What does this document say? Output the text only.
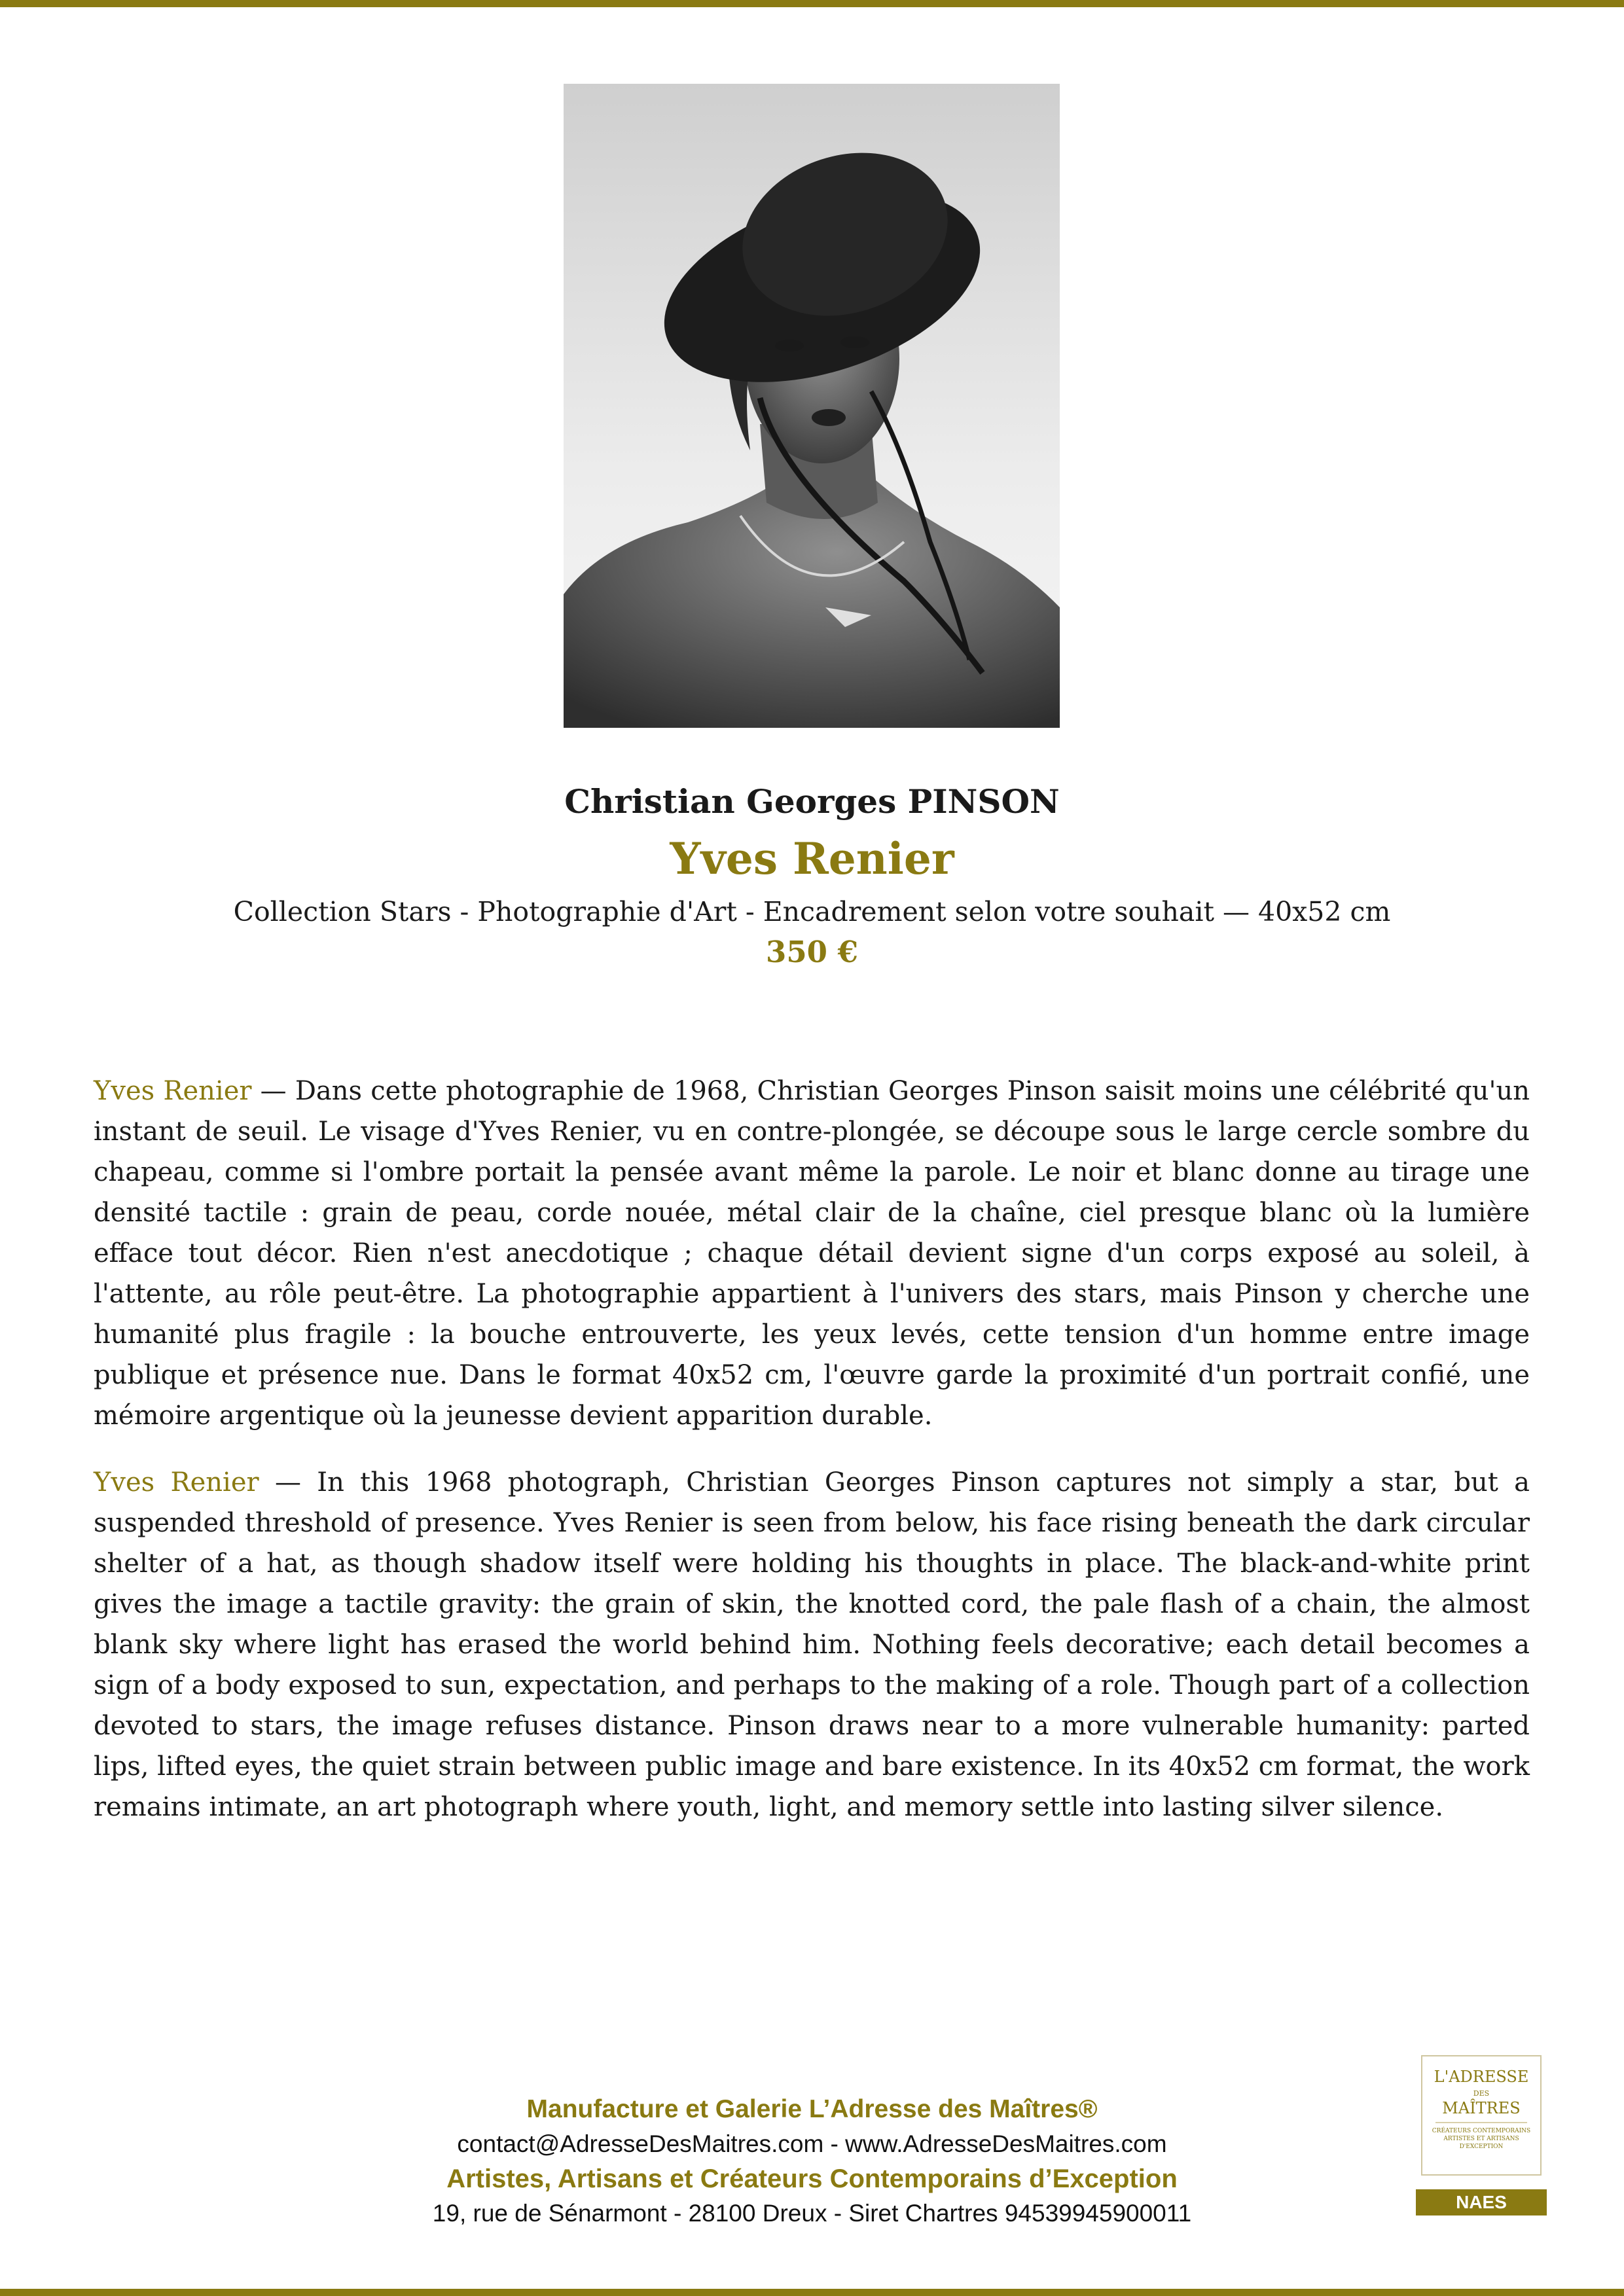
Christian Georges PINSON
Yves Renier
Collection Stars - Photographie d'Art - Encadrement selon votre souhait — 40x52 cm
350 €

Yves Renier — Dans cette photographie de 1968, Christian Georges Pinson saisit moins une célébrité qu'un instant de seuil. Le visage d'Yves Renier, vu en contre-plongée, se découpe sous le large cercle sombre du chapeau, comme si l'ombre portait la pensée avant même la parole. Le noir et blanc donne au tirage une densité tactile : grain de peau, corde nouée, métal clair de la chaîne, ciel presque blanc où la lumière efface tout décor. Rien n'est anecdotique ; chaque détail devient signe d'un corps exposé au soleil, à l'attente, au rôle peut-être. La photographie appartient à l'univers des stars, mais Pinson y cherche une humanité plus fragile : la bouche entrouverte, les yeux levés, cette tension d'un homme entre image publique et présence nue. Dans le format 40x52 cm, l'œuvre garde la proximité d'un portrait confié, une mémoire argentique où la jeunesse devient apparition durable.

Yves Renier — In this 1968 photograph, Christian Georges Pinson captures not simply a star, but a suspended threshold of presence. Yves Renier is seen from below, his face rising beneath the dark circular shelter of a hat, as though shadow itself were holding his thoughts in place. The black-and-white print gives the image a tactile gravity: the grain of skin, the knotted cord, the pale flash of a chain, the almost blank sky where light has erased the world behind him. Nothing feels decorative; each detail becomes a sign of a body exposed to sun, expectation, and perhaps to the making of a role. Though part of a collection devoted to stars, the image refuses distance. Pinson draws near to a more vulnerable humanity: parted lips, lifted eyes, the quiet strain between public image and bare existence. In its 40x52 cm format, the work remains intimate, an art photograph where youth, light, and memory settle into lasting silver silence.

Manufacture et Galerie L’Adresse des Maîtres®
contact@AdresseDesMaitres.com - www.AdresseDesMaitres.com
Artistes, Artisans et Créateurs Contemporains d’Exception
19, rue de Sénarmont - 28100 Dreux - Siret Chartres 94539945900011
L'ADRESSE
DES
MAÎTRES
CRÉATEURS CONTEMPORAINS ARTISTES ET ARTISANS D'EXCEPTION
NAES
